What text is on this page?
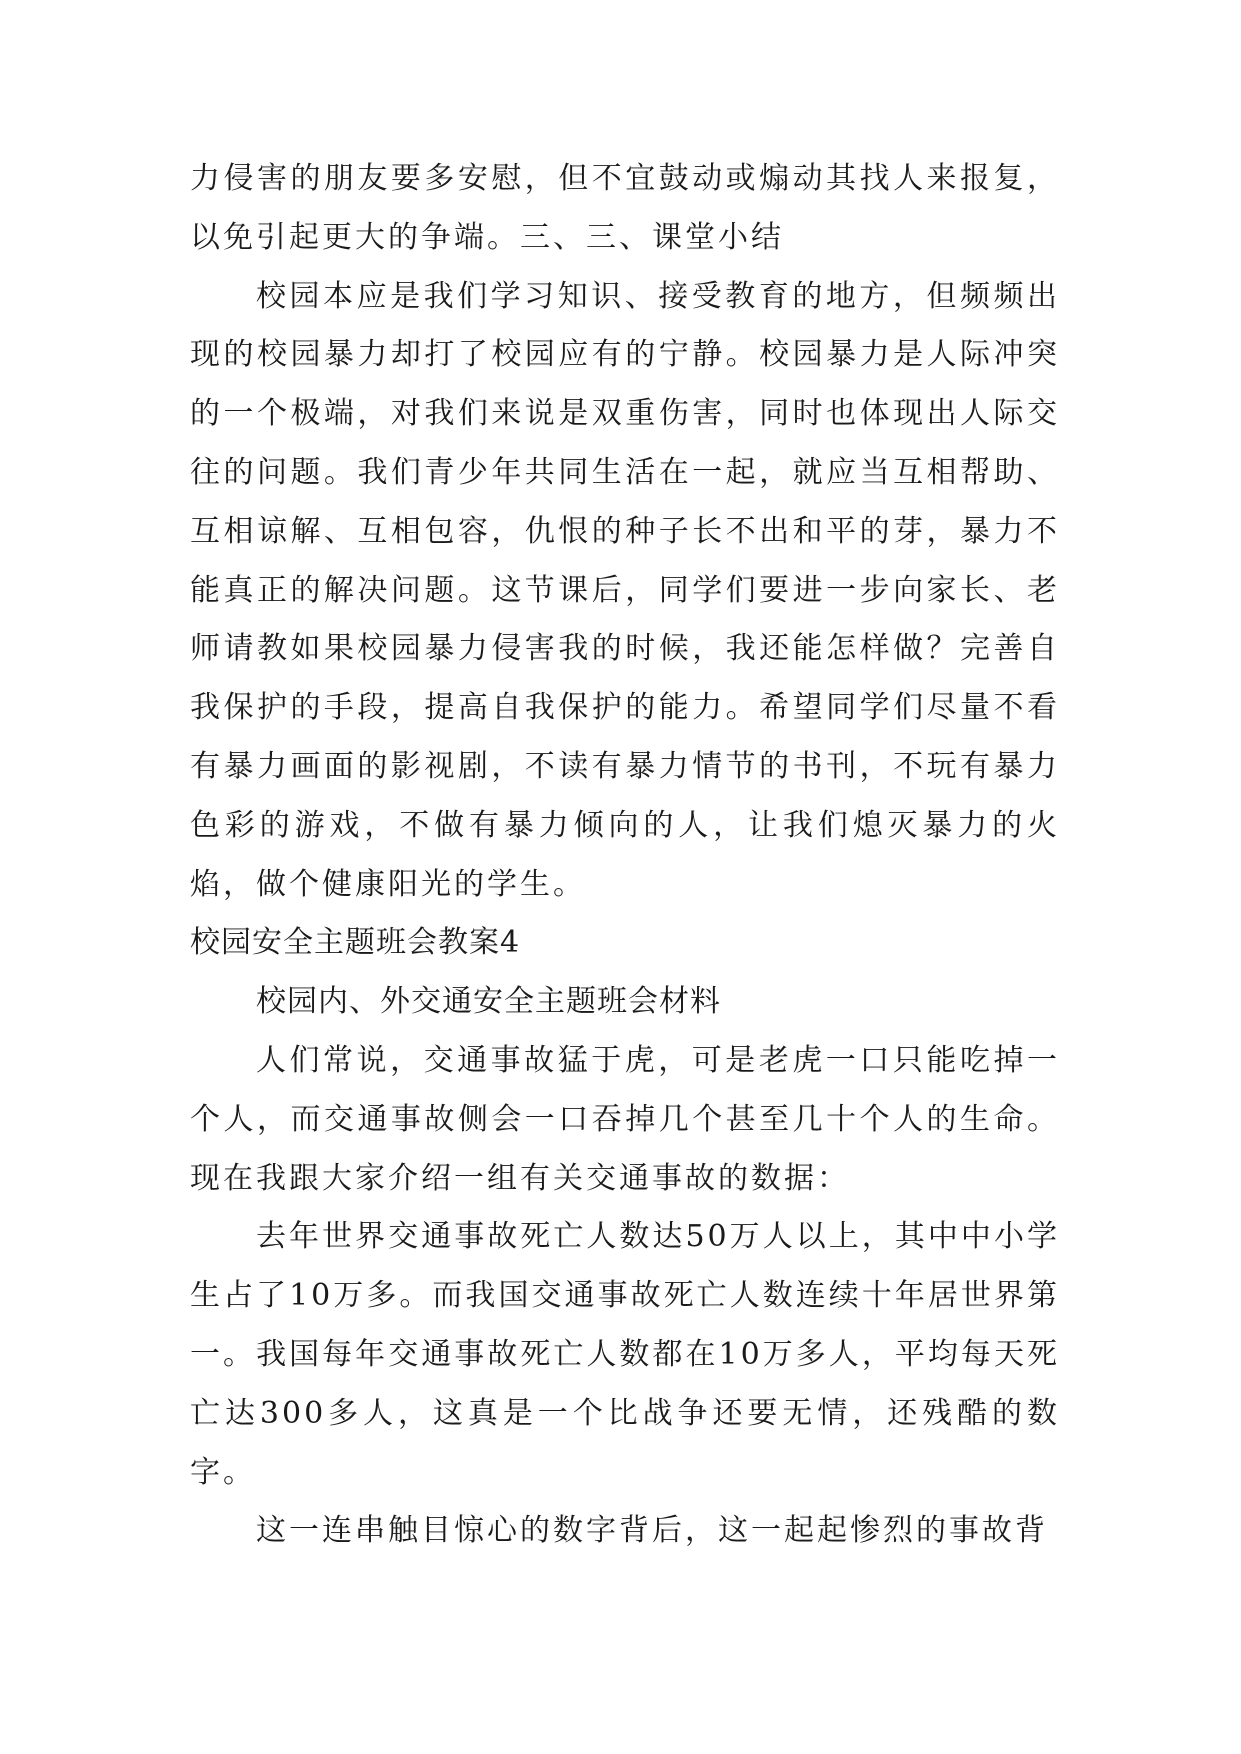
力侵害的朋友要多安慰，但不宜鼓动或煽动其找人来报复，以免引起更大的争端。三、三、课堂小结

校园本应是我们学习知识、接受教育的地方，但频频出现的校园暴力却打了校园应有的宁静。校园暴力是人际冲突的一个极端，对我们来说是双重伤害，同时也体现出人际交往的问题。我们青少年共同生活在一起，就应当互相帮助、互相谅解、互相包容，仇恨的种子长不出和平的芽，暴力不能真正的解决问题。这节课后，同学们要进一步向家长、老师请教如果校园暴力侵害我的时候，我还能怎样做？完善自我保护的手段，提高自我保护的能力。希望同学们尽量不看有暴力画面的影视剧，不读有暴力情节的书刊，不玩有暴力色彩的游戏，不做有暴力倾向的人，让我们熄灭暴力的火焰，做个健康阳光的学生。

校园安全主题班会教案4

校园内、外交通安全主题班会材料

人们常说，交通事故猛于虎，可是老虎一口只能吃掉一个人，而交通事故侧会一口吞掉几个甚至几十个人的生命。现在我跟大家介绍一组有关交通事故的数据：

去年世界交通事故死亡人数达50万人以上，其中中小学生占了10万多。而我国交通事故死亡人数连续十年居世界第一。我国每年交通事故死亡人数都在10万多人，平均每天死亡达300多人，这真是一个比战争还要无情，还残酷的数字。

这一连串触目惊心的数字背后，这一起起惨烈的事故背
